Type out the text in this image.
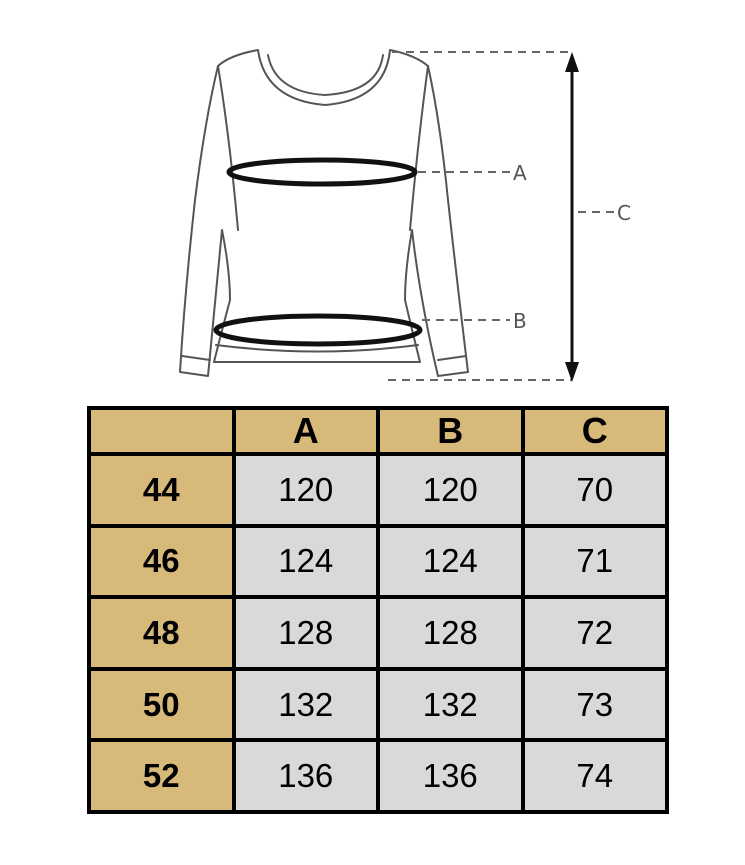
A
B
C
	A	B	C
44	120	120	70
46	124	124	71
48	128	128	72
50	132	132	73
52	136	136	74
